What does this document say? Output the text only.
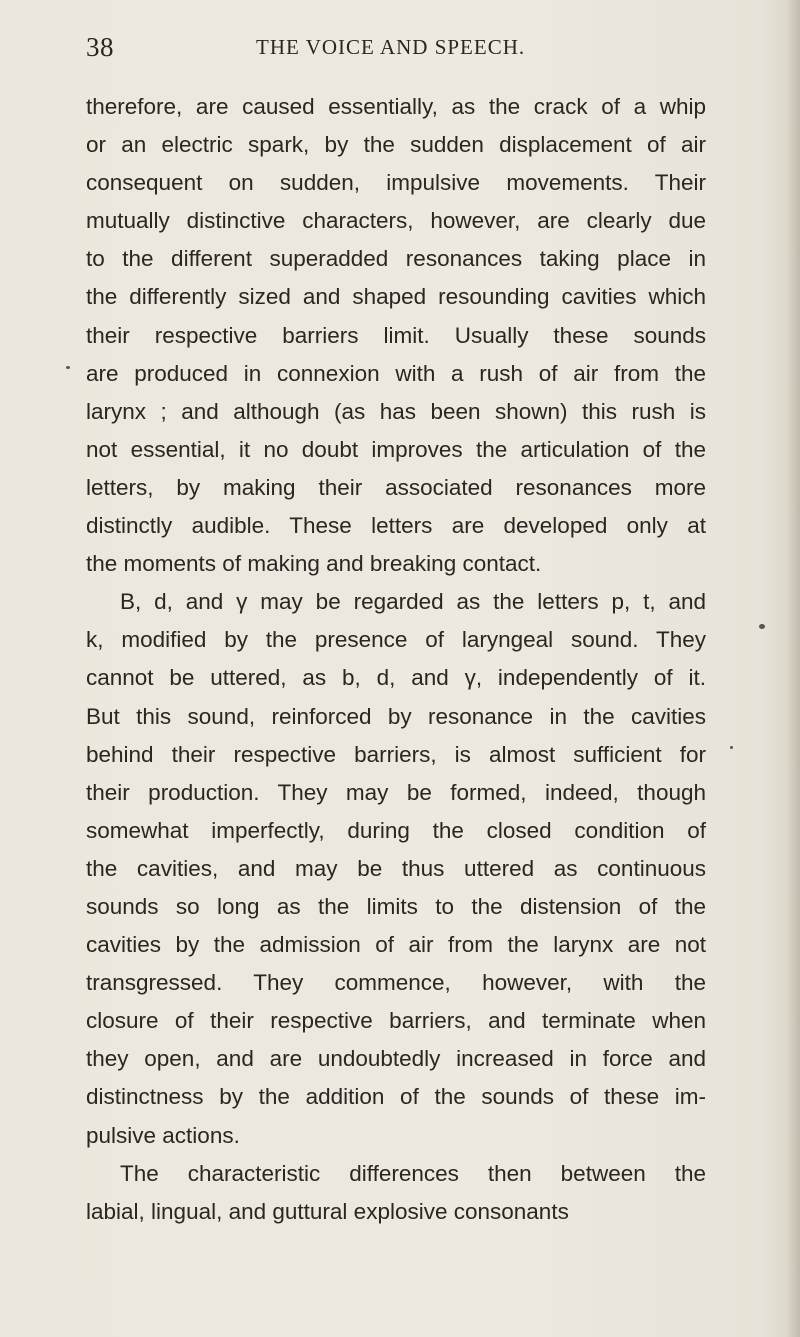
38	THE VOICE AND SPEECH.
therefore, are caused essentially, as the crack of a whip
or an electric spark, by the sudden displacement of air
consequent on sudden, impulsive movements. Their
mutually distinctive characters, however, are clearly due
to the different superadded resonances taking place in
the differently sized and shaped resounding cavities which
their respective barriers limit. Usually these sounds
are produced in connexion with a rush of air from the
larynx ; and although (as has been shown) this rush is
not essential, it no doubt improves the articulation of the
letters, by making their associated resonances more
distinctly audible. These letters are developed only at
the moments of making and breaking contact.
B, d, and γ may be regarded as the letters p, t, and
k, modified by the presence of laryngeal sound. They
cannot be uttered, as b, d, and γ, independently of it.
But this sound, reinforced by resonance in the cavities
behind their respective barriers, is almost sufficient for
their production. They may be formed, indeed, though
somewhat imperfectly, during the closed condition of
the cavities, and may be thus uttered as continuous
sounds so long as the limits to the distension of the
cavities by the admission of air from the larynx are not
transgressed. They commence, however, with the
closure of their respective barriers, and terminate when
they open, and are undoubtedly increased in force and
distinctness by the addition of the sounds of these im-
pulsive actions.
The characteristic differences then between the
labial, lingual, and guttural explosive consonants
